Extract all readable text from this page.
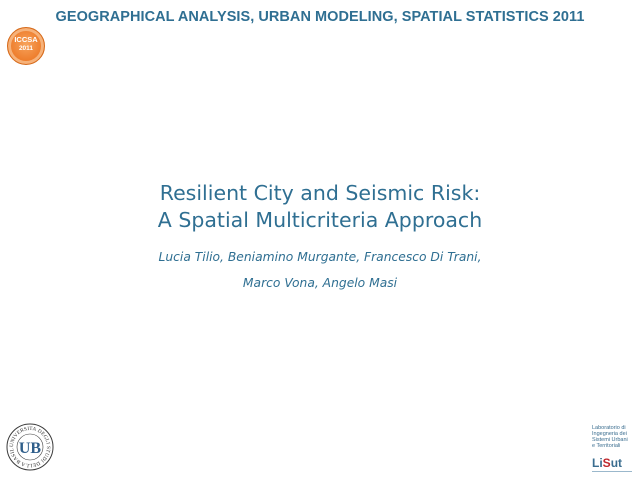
GEOGRAPHICAL ANALYSIS, URBAN MODELING, SPATIAL STATISTICS 2011
ICCSA
2011
Resilient City and Seismic Risk:
A Spatial Multicriteria Approach
Lucia Tilio, Beniamino Murgante, Francesco Di Trani,
Marco Vona, Angelo Masi
UNIVERSITA DEGLI STUDI DELLA BASIL UB
Laboratorio di
Ingegneria dei
Sistemi Urbani
e Territoriali
LiSut
